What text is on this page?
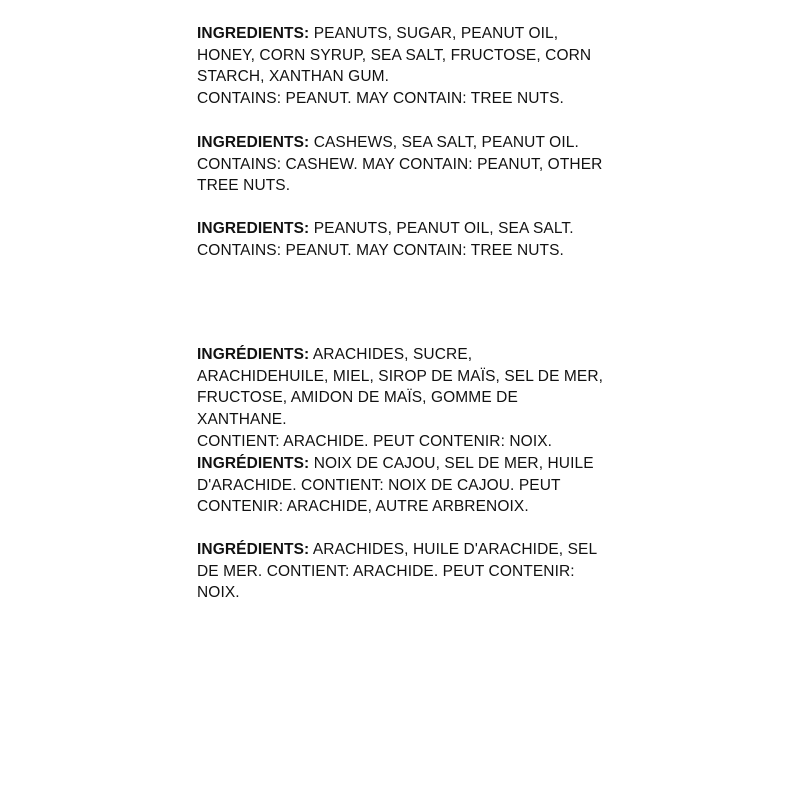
INGREDIENTS: PEANUTS, SUGAR, PEANUT OIL, HONEY, CORN SYRUP, SEA SALT, FRUCTOSE, CORN STARCH, XANTHAN GUM.

CONTAINS: PEANUT. MAY CONTAIN: TREE NUTS.

INGREDIENTS: CASHEWS, SEA SALT, PEANUT OIL.

CONTAINS: CASHEW. MAY CONTAIN: PEANUT, OTHER TREE NUTS.

INGREDIENTS: PEANUTS, PEANUT OIL, SEA SALT.

CONTAINS: PEANUT. MAY CONTAIN: TREE NUTS.

INGRÉDIENTS: ARACHIDES, SUCRE, ARACHIDEHUILE, MIEL, SIROP DE MAÏS, SEL DE MER, FRUCTOSE, AMIDON DE MAÏS, GOMME DE XANTHANE.

CONTIENT: ARACHIDE. PEUT CONTENIR: NOIX.

INGRÉDIENTS: NOIX DE CAJOU, SEL DE MER, HUILE D'ARACHIDE. CONTIENT: NOIX DE CAJOU. PEUT CONTENIR: ARACHIDE, AUTRE ARBRENOIX.

INGRÉDIENTS: ARACHIDES, HUILE D'ARACHIDE, SEL DE MER. CONTIENT: ARACHIDE. PEUT CONTENIR: NOIX.
